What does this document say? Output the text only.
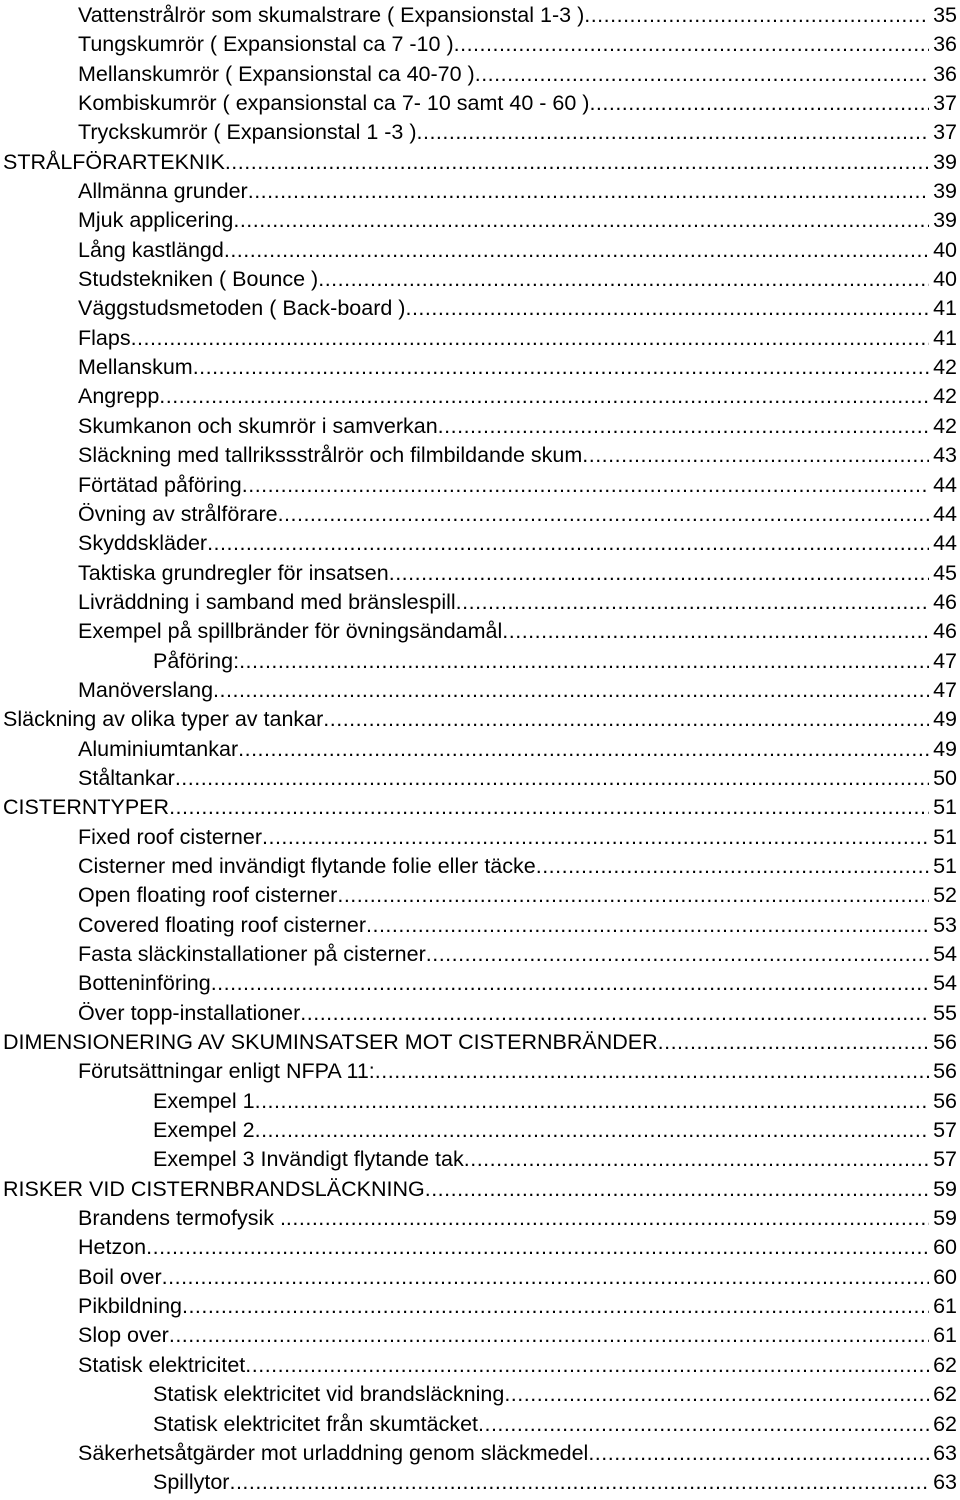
Vattenstrålrör som skumalstrare ( Expansionstal 1-3 ) .....	35
Tungskumrör ( Expansionstal ca 7 -10 ) .....	36
Mellanskumrör ( Expansionstal ca 40-70 ) .....	36
Kombiskumrör ( expansionstal ca 7- 10 samt 40 - 60 ) .....	37
Tryckskumrör ( Expansionstal 1 -3 ) .....	37
STRÅLFÖRARTEKNIK .....	39
Allmänna grunder .....	39
Mjuk applicering .....	39
Lång kastlängd .....	40
Studstekniken ( Bounce ) .....	40
Väggstudsmetoden ( Back-board ) .....	41
Flaps .....	41
Mellanskum .....	42
Angrepp .....	42
Skumkanon och skumrör i samverkan .....	42
Släckning med tallrikssstrålrör och filmbildande skum .....	43
Förtätad påföring .....	44
Övning av strålförare .....	44
Skyddskläder .....	44
Taktiska grundregler för insatsen .....	45
Livräddning i samband med bränslespill .....	46
Exempel på spillbränder för övningsändamål .....	46
Påföring: .....	47
Manöverslang .....	47
Släckning av olika typer av tankar .....	49
Aluminiumtankar .....	49
Ståltankar .....	50
CISTERNTYPER .....	51
Fixed roof cisterner .....	51
Cisterner med invändigt flytande folie eller täcke .....	51
Open floating roof cisterner .....	52
Covered floating roof cisterner .....	53
Fasta släckinstallationer på cisterner .....	54
Botteninföring .....	54
Över topp-installationer .....	55
DIMENSIONERING AV SKUMINSATSER MOT CISTERNBRÄNDER .....	56
Förutsättningar enligt NFPA 11: .....	56
Exempel 1 .....	56
Exempel 2 .....	57
Exempel 3 Invändigt flytande tak .....	57
RISKER VID CISTERNBRANDSLÄCKNING .....	59
Brandens termofysik . .....	59
Hetzon .....	60
Boil over .....	60
Pikbildning .....	61
Slop over .....	61
Statisk elektricitet .....	62
Statisk elektricitet vid brandsläckning .....	62
Statisk elektricitet från skumtäcket .....	62
Säkerhetsåtgärder mot urladdning genom släckmedel .....	63
Spillytor .....	63
